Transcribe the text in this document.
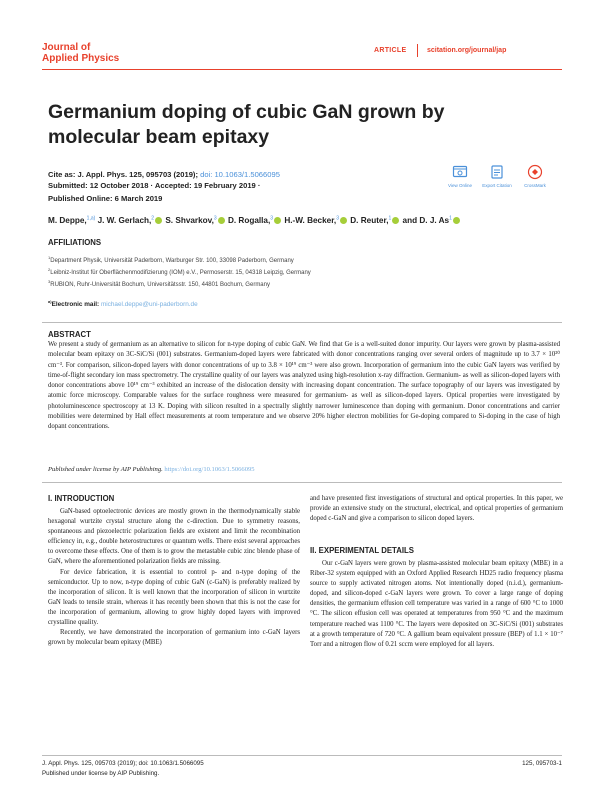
Journal of
Applied Physics
ARTICLE	scitation.org/journal/jap
Germanium doping of cubic GaN grown by molecular beam epitaxy
Cite as: J. Appl. Phys. 125, 095703 (2019); doi: 10.1063/1.5066095
Submitted: 12 October 2018 · Accepted: 19 February 2019 ·
Published Online: 6 March 2019
View Online	Export Citation	CrossMark
M. Deppe,$^{1,a)}$ J. W. Gerlach,$^2$ S. Shvarkov,$^3$ D. Rogalla,$^3$ H.-W. Becker,$^3$ D. Reuter,$^1$ and D. J. As$^1$
AFFILIATIONS
$^1$Department Physik, Universität Paderborn, Warburger Str. 100, 33098 Paderborn, Germany
$^2$Leibniz-Institut für Oberflächenmodifizierung (IOM) e.V., Permoserstr. 15, 04318 Leipzig, Germany
$^3$RUBION, Ruhr-Universität Bochum, Universitätsstr. 150, 44801 Bochum, Germany
$^{a)}$Electronic mail: michael.deppe@uni-paderborn.de
ABSTRACT
We present a study of germanium as an alternative to silicon for n-type doping of cubic GaN. We find that Ge is a well-suited donor impurity. Our layers were grown by plasma-assisted molecular beam epitaxy on 3C-SiC/Si (001) substrates. Germanium-doped layers were fabricated with donor concentrations ranging over several orders of magnitude up to 3.7 × 10²⁰ cm⁻³. For comparison, silicon-doped layers with donor concentrations of up to 3.8 × 10¹⁹ cm⁻³ were also grown. Incorporation of germanium into the cubic GaN layers was verified by time-of-flight secondary ion mass spectrometry. The crystalline quality of our layers was analyzed using high-resolution x-ray diffraction. Germanium- as well as silicon-doped layers with donor concentrations above 10¹⁹ cm⁻³ exhibited an increase of the dislocation density with increasing dopant concentration. The surface topography of our layers was investigated by atomic force microscopy. Comparable values for the surface roughness were measured for germanium- as well as silicon-doped layers. Optical properties were investigated by photoluminescence spectroscopy at 13 K. Doping with silicon resulted in a spectrally slightly narrower luminescence than doping with germanium. Donor concentrations and carrier mobilities were determined by Hall effect measurements at room temperature and we observe 20% higher electron mobilities for Ge-doping compared to Si-doping in the case of high dopant concentrations.
Published under license by AIP Publishing. https://doi.org/10.1063/1.5066095
I. INTRODUCTION

GaN-based optoelectronic devices are mostly grown in the thermodynamically stable hexagonal wurtzite crystal structure along the c-direction. Due to symmetry reasons, spontaneous and piezoelectric polarization fields are existent and limit the recombination efficiency in, e.g., double heterostructures or quantum wells. There exist several approaches to overcome these effects. One of them is to grow the metastable cubic zinc blende phase of GaN, where the aforementioned polarization fields are missing.

For device fabrication, it is essential to control p- and n-type doping of the semiconductor. Up to now, n-type doping of cubic GaN (c-GaN) is preferably realized by the incorporation of silicon. It is well known that the incorporation of silicon in wurtzite GaN leads to tensile strain, whereas it has recently been shown that this is not the case for the incorporation of germanium, allowing to grow highly doped layers with improved crystalline quality.

Recently, we have demonstrated the incorporation of germanium into c-GaN layers grown by molecular beam epitaxy (MBE)

and have presented first investigations of structural and optical properties. In this paper, we provide an extensive study on the structural, electrical, and optical properties of germanium doped c-GaN and give a comparison to silicon doped layers.
II. EXPERIMENTAL DETAILS

Our c-GaN layers were grown by plasma-assisted molecular beam epitaxy (MBE) in a Riber-32 system equipped with an Oxford Applied Research HD25 radio frequency plasma source to supply activated nitrogen atoms. Not intentionally doped (n.i.d.), germanium-doped, and silicon-doped c-GaN layers were grown. To cover a large range of doping densities, the germanium effusion cell temperature was varied in a range of 600 °C to 1000 °C. The silicon effusion cell was operated at temperatures from 950 °C and the maximum temperature reached was 1100 °C. The layers were deposited on 3C-SiC/Si (001) substrates at a growth temperature of 720 °C. A gallium beam equivalent pressure (BEP) of 1.1 × 10⁻⁷ Torr and a nitrogen flow of 0.21 sccm were employed for all layers.

J. Appl. Phys. 125, 095703 (2019); doi: 10.1063/1.5066095	125, 095703-1
Published under license by AIP Publishing.
